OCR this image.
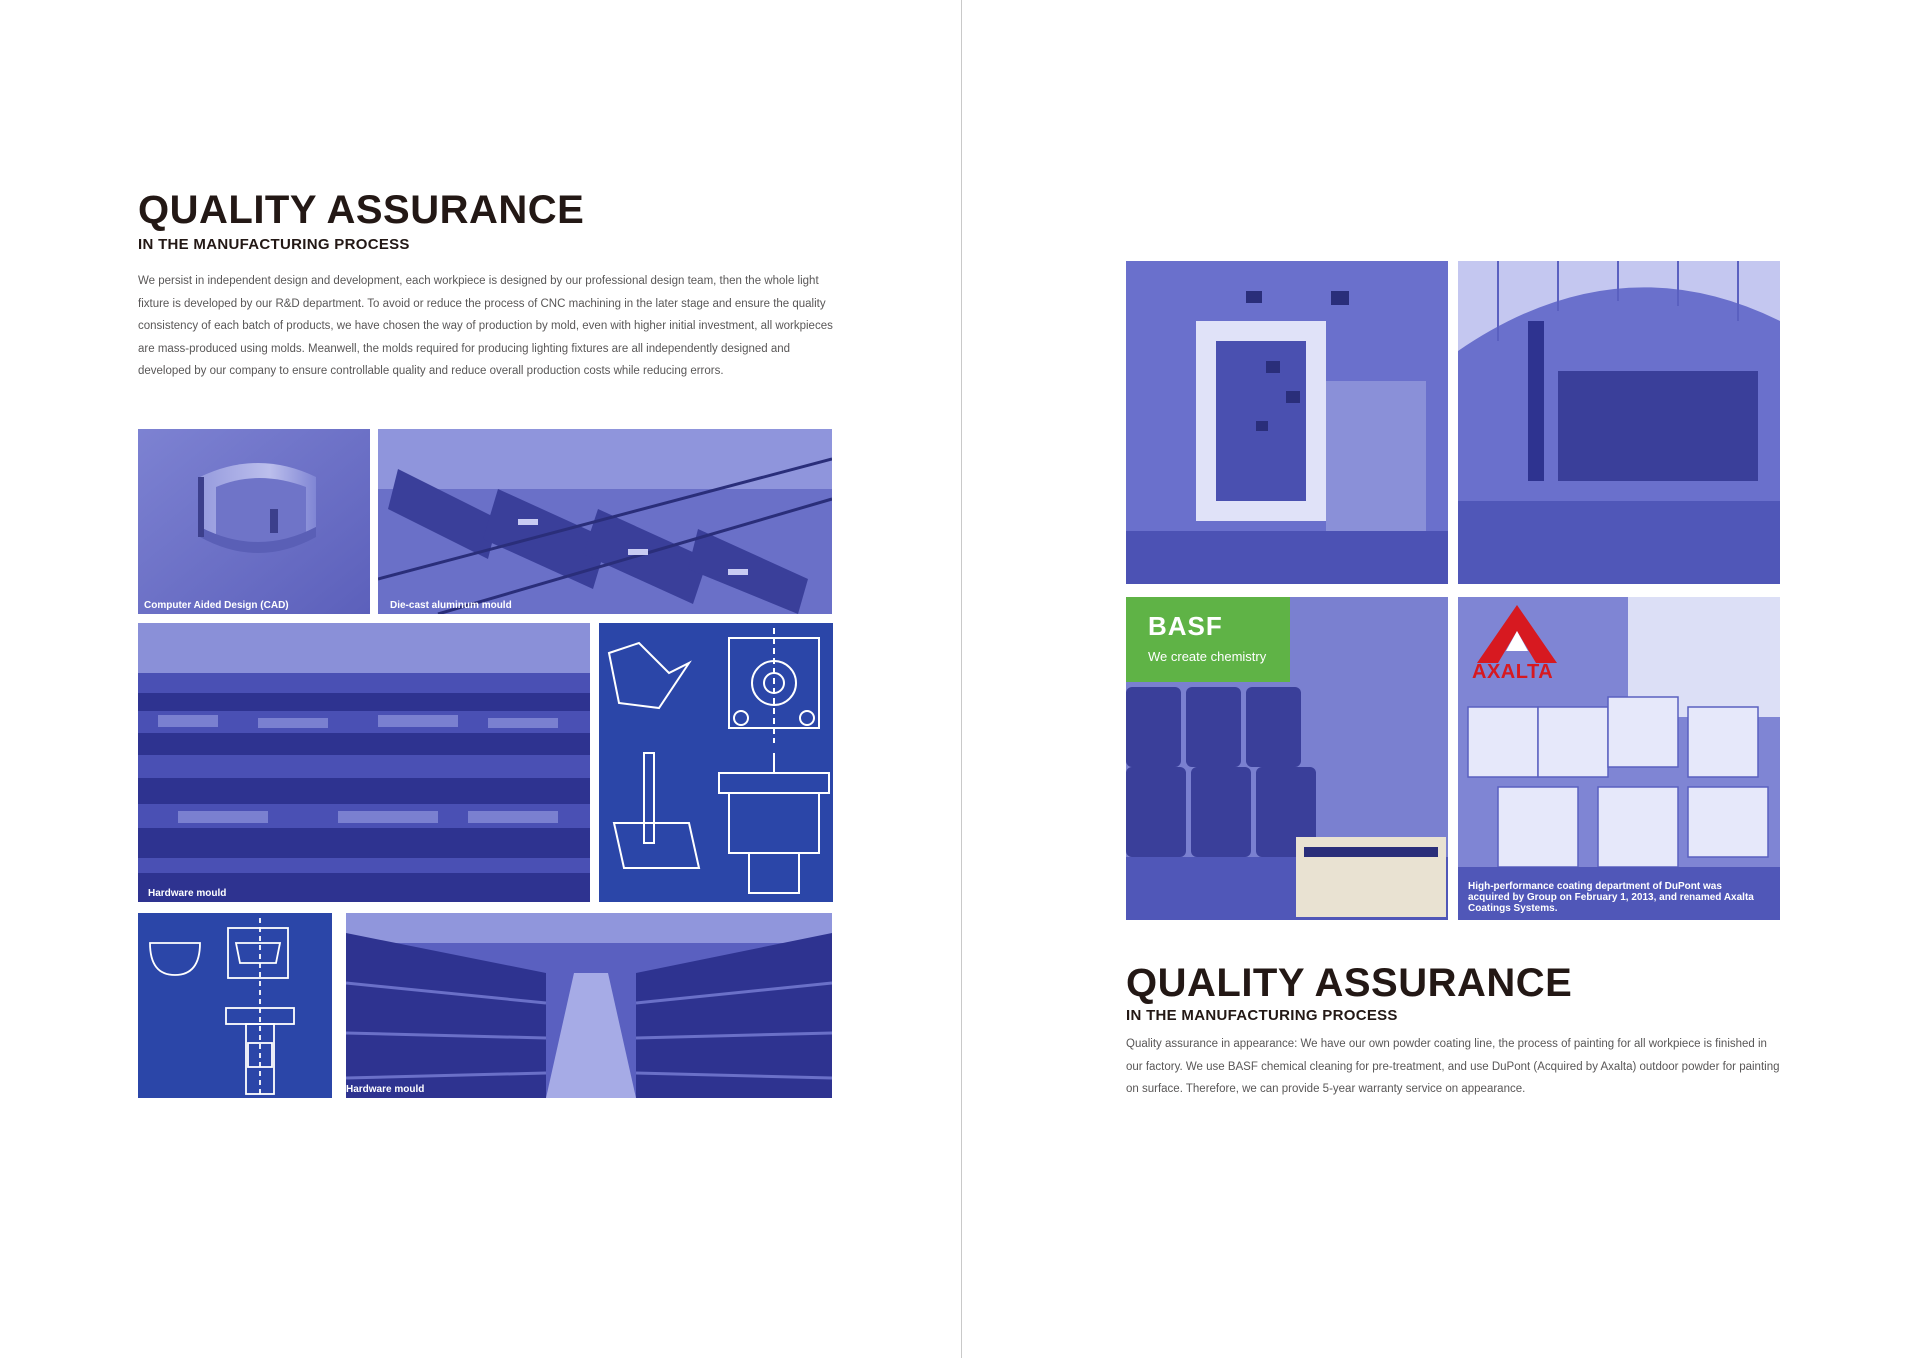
QUALITY ASSURANCE
IN THE MANUFACTURING PROCESS
We persist in independent design and development, each workpiece is designed by our professional design team, then the whole light fixture is developed by our R&D department. To avoid or reduce the process of CNC machining in the later stage and ensure the quality consistency of each batch of products, we have chosen the way of production by mold, even with higher initial investment, all workpieces are mass-produced using molds. Meanwell, the molds required for producing lighting fixtures are all independently designed and developed by our company to ensure controllable quality and reduce overall production costs while reducing errors.
Computer Aided Design (CAD)	Die-cast aluminum mould
Hardware mould
Hardware mould
BASF
We create chemistry
AXALTA
High-performance coating department of DuPont was acquired by Group on February 1, 2013, and renamed Axalta Coatings Systems.
QUALITY ASSURANCE
IN THE MANUFACTURING PROCESS
Quality assurance in appearance: We have our own powder coating line, the process of painting for all workpiece is finished in our factory. We use BASF chemical cleaning for pre-treatment, and use DuPont (Acquired by Axalta) outdoor powder for painting on surface. Therefore, we can provide 5-year warranty service on appearance.
